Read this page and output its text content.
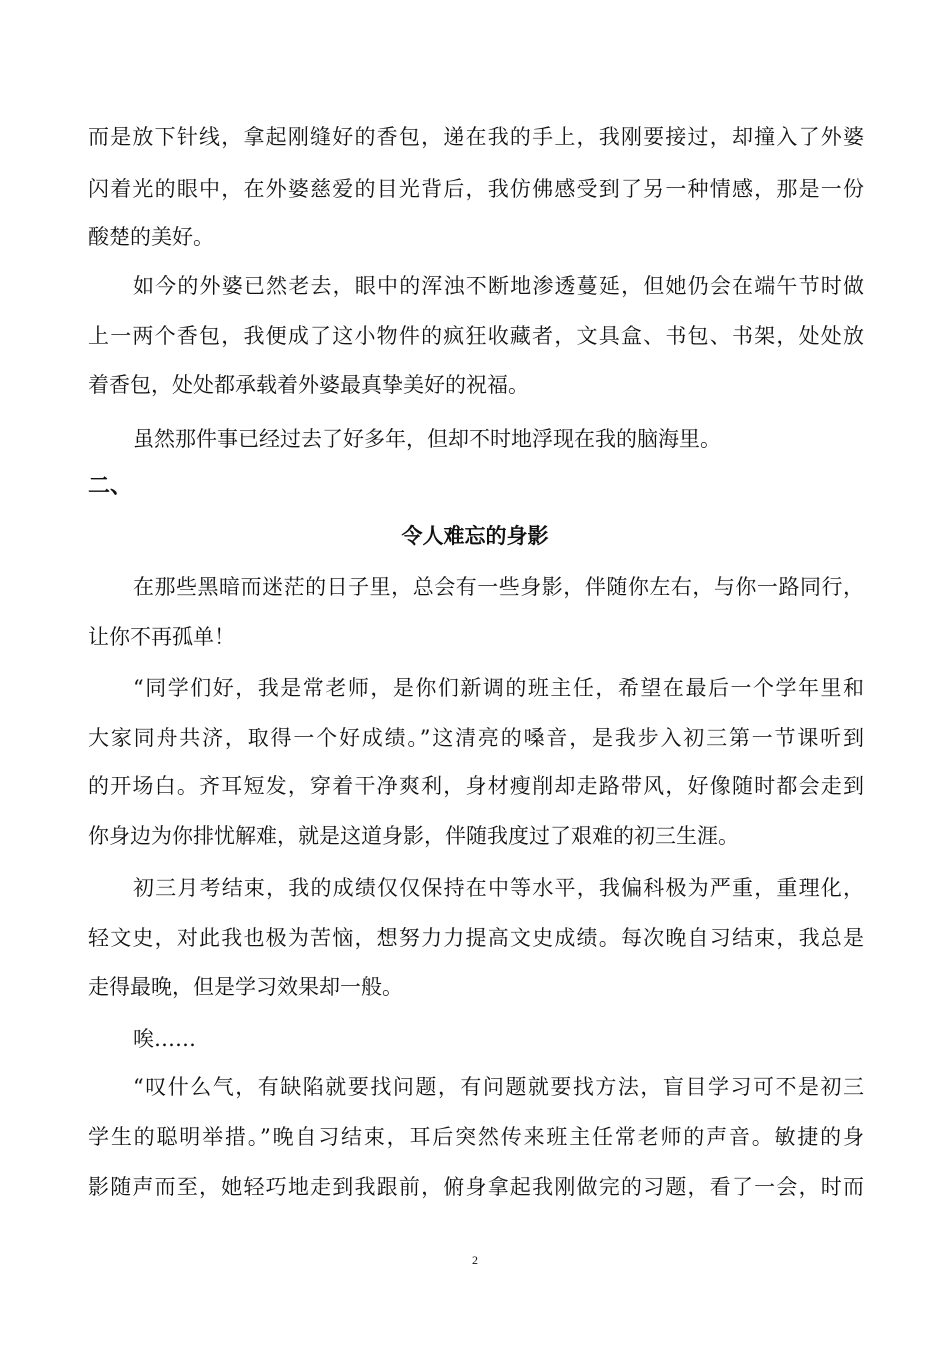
而是放下针线，拿起刚缝好的香包，递在我的手上，我刚要接过，却撞入了外婆
闪着光的眼中，在外婆慈爱的目光背后，我仿佛感受到了另一种情感，那是一份
酸楚的美好。
如今的外婆已然老去，眼中的浑浊不断地渗透蔓延，但她仍会在端午节时做
上一两个香包，我便成了这小物件的疯狂收藏者，文具盒、书包、书架，处处放
着香包，处处都承载着外婆最真挚美好的祝福。
虽然那件事已经过去了好多年，但却不时地浮现在我的脑海里。
二、
令人难忘的身影
在那些黑暗而迷茫的日子里，总会有一些身影，伴随你左右，与你一路同行，
让你不再孤单！
“同学们好，我是常老师，是你们新调的班主任，希望在最后一个学年里和
大家同舟共济，取得一个好成绩。”这清亮的嗓音，是我步入初三第一节课听到
的开场白。齐耳短发，穿着干净爽利，身材瘦削却走路带风，好像随时都会走到
你身边为你排忧解难，就是这道身影，伴随我度过了艰难的初三生涯。
初三月考结束，我的成绩仅仅保持在中等水平，我偏科极为严重，重理化，
轻文史，对此我也极为苦恼，想努力力提高文史成绩。每次晚自习结束，我总是
走得最晚，但是学习效果却一般。
唉……
“叹什么气，有缺陷就要找问题，有问题就要找方法，盲目学习可不是初三
学生的聪明举措。”晚自习结束，耳后突然传来班主任常老师的声音。敏捷的身
影随声而至，她轻巧地走到我跟前，俯身拿起我刚做完的习题，看了一会，时而
2
